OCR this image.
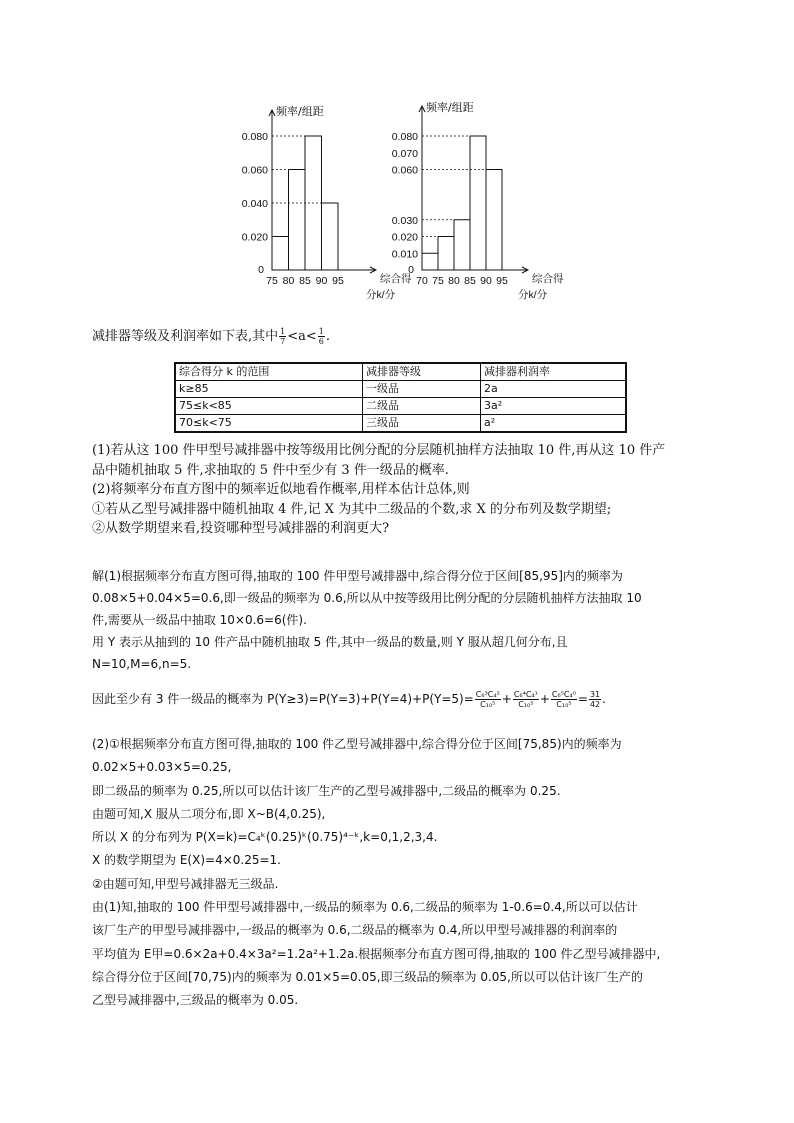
频率/组距
0.080
0.060
0.040
0.020
0
75 80 85 90 95	综合得
分k/分
频率/组距
0.080
0.070
0.060
0.030
0.020
0.010
0
70 75 80 85 90 95 综合得
分k/分
减排器等级及利润率如下表,其中 $\frac{1}{7} <a< \frac{1}{6}$ .
综合得分 k 的范围	减排器等级	减排器利润率
k≥85	一级品	2a
75≤k<85	二级品	3a²
70≤k<75	三级品	a²
(1)若从这 100 件甲型号减排器中按等级用比例分配的分层随机抽样方法抽取 10 件,再从这 10 件产
品中随机抽取 5 件,求抽取的 5 件中至少有 3 件一级品的概率.
(2)将频率分布直方图中的频率近似地看作概率,用样本估计总体,则
①若从乙型号减排器中随机抽取 4 件,记 X 为其中二级品的个数,求 X 的分布列及数学期望;
②从数学期望来看,投资哪种型号减排器的利润更大?
解(1)根据频率分布直方图可得,抽取的 100 件甲型号减排器中,综合得分位于区间[85,95]内的频率为
0.08×5+0.04×5=0.6,即一级品的频率为 0.6,所以从中按等级用比例分配的分层随机抽样方法抽取 10
件,需要从一级品中抽取 10×0.6=6(件).
用 Y 表示从抽到的 10 件产品中随机抽取 5 件,其中一级品的数量,则 Y 服从超几何分布,且
N=10,M=6,n=5.
因此至少有 3 件一级品的概率为 $P(Y\ge 3)=P(Y=3)+P(Y=4)+P(Y=5)= \frac{\text{C₆³C₄²}}{\text{C₁₀⁵}} + \frac{\text{C₆⁴C₄¹}}{\text{C₁₀⁵}} + \frac{\text{C₆⁵C₄⁰}}{\text{C₁₀⁵}} = \frac{31}{42}$ .
(2)①根据频率分布直方图可得,抽取的 100 件乙型号减排器中,综合得分位于区间[75,85)内的频率为
0.02×5+0.03×5=0.25,
即二级品的频率为 0.25,所以可以估计该厂生产的乙型号减排器中,二级品的概率为 0.25.
由题可知,X 服从二项分布,即 X~B(4,0.25),
所以 X 的分布列为 P(X=k)=C₄ᵏ(0.25)ᵏ(0.75)⁴⁻ᵏ,k=0,1,2,3,4.
X 的数学期望为 E(X)=4×0.25=1.
②由题可知,甲型号减排器无三级品.
由(1)知,抽取的 100 件甲型号减排器中,一级品的频率为 0.6,二级品的频率为 1-0.6=0.4,所以可以估计
该厂生产的甲型号减排器中,一级品的概率为 0.6,二级品的概率为 0.4,所以甲型号减排器的利润率的
平均值为 E甲=0.6×2a+0.4×3a²=1.2a²+1.2a.根据频率分布直方图可得,抽取的 100 件乙型号减排器中,
综合得分位于区间[70,75)内的频率为 0.01×5=0.05,即三级品的频率为 0.05,所以可以估计该厂生产的
乙型号减排器中,三级品的概率为 0.05.
